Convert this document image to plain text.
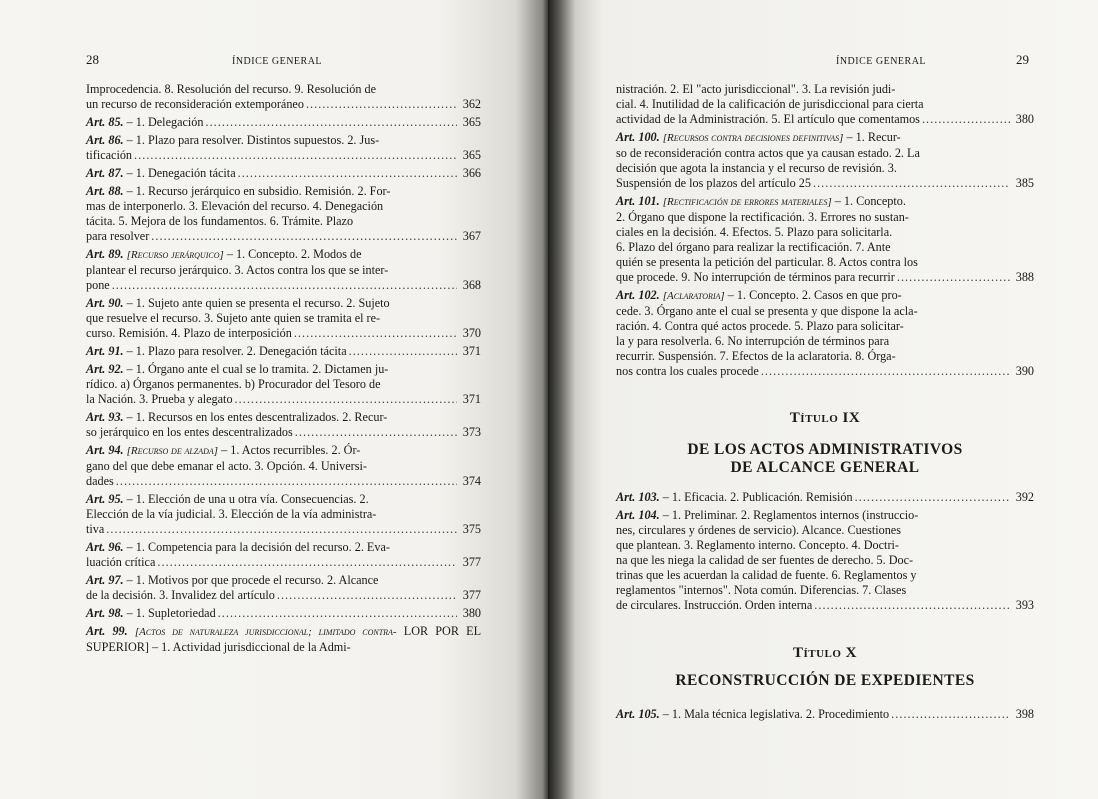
28	ÍNDICE GENERAL
Improcedencia. 8. Resolución del recurso. 9. Resolución de
un recurso de reconsideración extemporáneo . . .	362
Art. 85. – 1. Delegación . . .	365
Art. 86. – 1. Plazo para resolver. Distintos supuestos. 2. Jus-
tificación . . .	365
Art. 87. – 1. Denegación tácita . . .	366
Art. 88. – 1. Recurso jerárquico en subsidio. Remisión. 2. For-
mas de interponerlo. 3. Elevación del recurso. 4. Denegación
tácita. 5. Mejora de los fundamentos. 6. Trámite. Plazo
para resolver . . .	367
Art. 89. [Recurso jerárquico] – 1. Concepto. 2. Modos de
plantear el recurso jerárquico. 3. Actos contra los que se inter-
pone . . .	368
Art. 90. – 1. Sujeto ante quien se presenta el recurso. 2. Sujeto
que resuelve el recurso. 3. Sujeto ante quien se tramita el re-
curso. Remisión. 4. Plazo de interposición . . .	370
Art. 91. – 1. Plazo para resolver. 2. Denegación tácita . . .	371
Art. 92. – 1. Órgano ante el cual se lo tramita. 2. Dictamen ju-
rídico. a) Órganos permanentes. b) Procurador del Tesoro de
la Nación. 3. Prueba y alegato . . .	371
Art. 93. – 1. Recursos en los entes descentralizados. 2. Recur-
so jerárquico en los entes descentralizados . . .	373
Art. 94. [Recurso de alzada] – 1. Actos recurribles. 2. Ór-
gano del que debe emanar el acto. 3. Opción. 4. Universi-
dades . . .	374
Art. 95. – 1. Elección de una u otra vía. Consecuencias. 2.
Elección de la vía judicial. 3. Elección de la vía administra-
tiva . . .	375
Art. 96. – 1. Competencia para la decisión del recurso. 2. Eva-
luación crítica . . .	377
Art. 97. – 1. Motivos por que procede el recurso. 2. Alcance
de la decisión. 3. Invalidez del artículo . . .	377
Art. 98. – 1. Supletoriedad . . .	380
Art. 99. [Actos de naturaleza jurisdiccional; limitado contra- LOR POR EL SUPERIOR] – 1. Actividad jurisdiccional de la Admi-
ÍNDICE GENERAL	29
nistración. 2. El "acto jurisdiccional". 3. La revisión judi-
cial. 4. Inutilidad de la calificación de jurisdiccional para cierta
actividad de la Administración. 5. El artículo que comentamos . . .	380
Art. 100. [Recursos contra decisiones definitivas] – 1. Recur-
so de reconsideración contra actos que ya causan estado. 2. La
decisión que agota la instancia y el recurso de revisión. 3.
Suspensión de los plazos del artículo 25 . . .	385
Art. 101. [Rectificación de errores materiales] – 1. Concepto.
2. Órgano que dispone la rectificación. 3. Errores no sustan-
ciales en la decisión. 4. Efectos. 5. Plazo para solicitarla.
6. Plazo del órgano para realizar la rectificación. 7. Ante
quién se presenta la petición del particular. 8. Actos contra los
que procede. 9. No interrupción de términos para recurrir . . .	388
Art. 102. [Aclaratoria] – 1. Concepto. 2. Casos en que pro-
cede. 3. Órgano ante el cual se presenta y que dispone la acla-
ración. 4. Contra qué actos procede. 5. Plazo para solicitar-
la y para resolverla. 6. No interrupción de términos para
recurrir. Suspensión. 7. Efectos de la aclaratoria. 8. Órga-
nos contra los cuales procede . . .	390
Título IX
DE LOS ACTOS ADMINISTRATIVOS
DE ALCANCE GENERAL
Art. 103. – 1. Eficacia. 2. Publicación. Remisión . . .	392
Art. 104. – 1. Preliminar. 2. Reglamentos internos (instruccio-
nes, circulares y órdenes de servicio). Alcance. Cuestiones
que plantean. 3. Reglamento interno. Concepto. 4. Doctri-
na que les niega la calidad de ser fuentes de derecho. 5. Doc-
trinas que les acuerdan la calidad de fuente. 6. Reglamentos y
reglamentos "internos". Nota común. Diferencias. 7. Clases
de circulares. Instrucción. Orden interna . . .	393
Título X
RECONSTRUCCIÓN DE EXPEDIENTES
Art. 105. – 1. Mala técnica legislativa. 2. Procedimiento . . .	398
